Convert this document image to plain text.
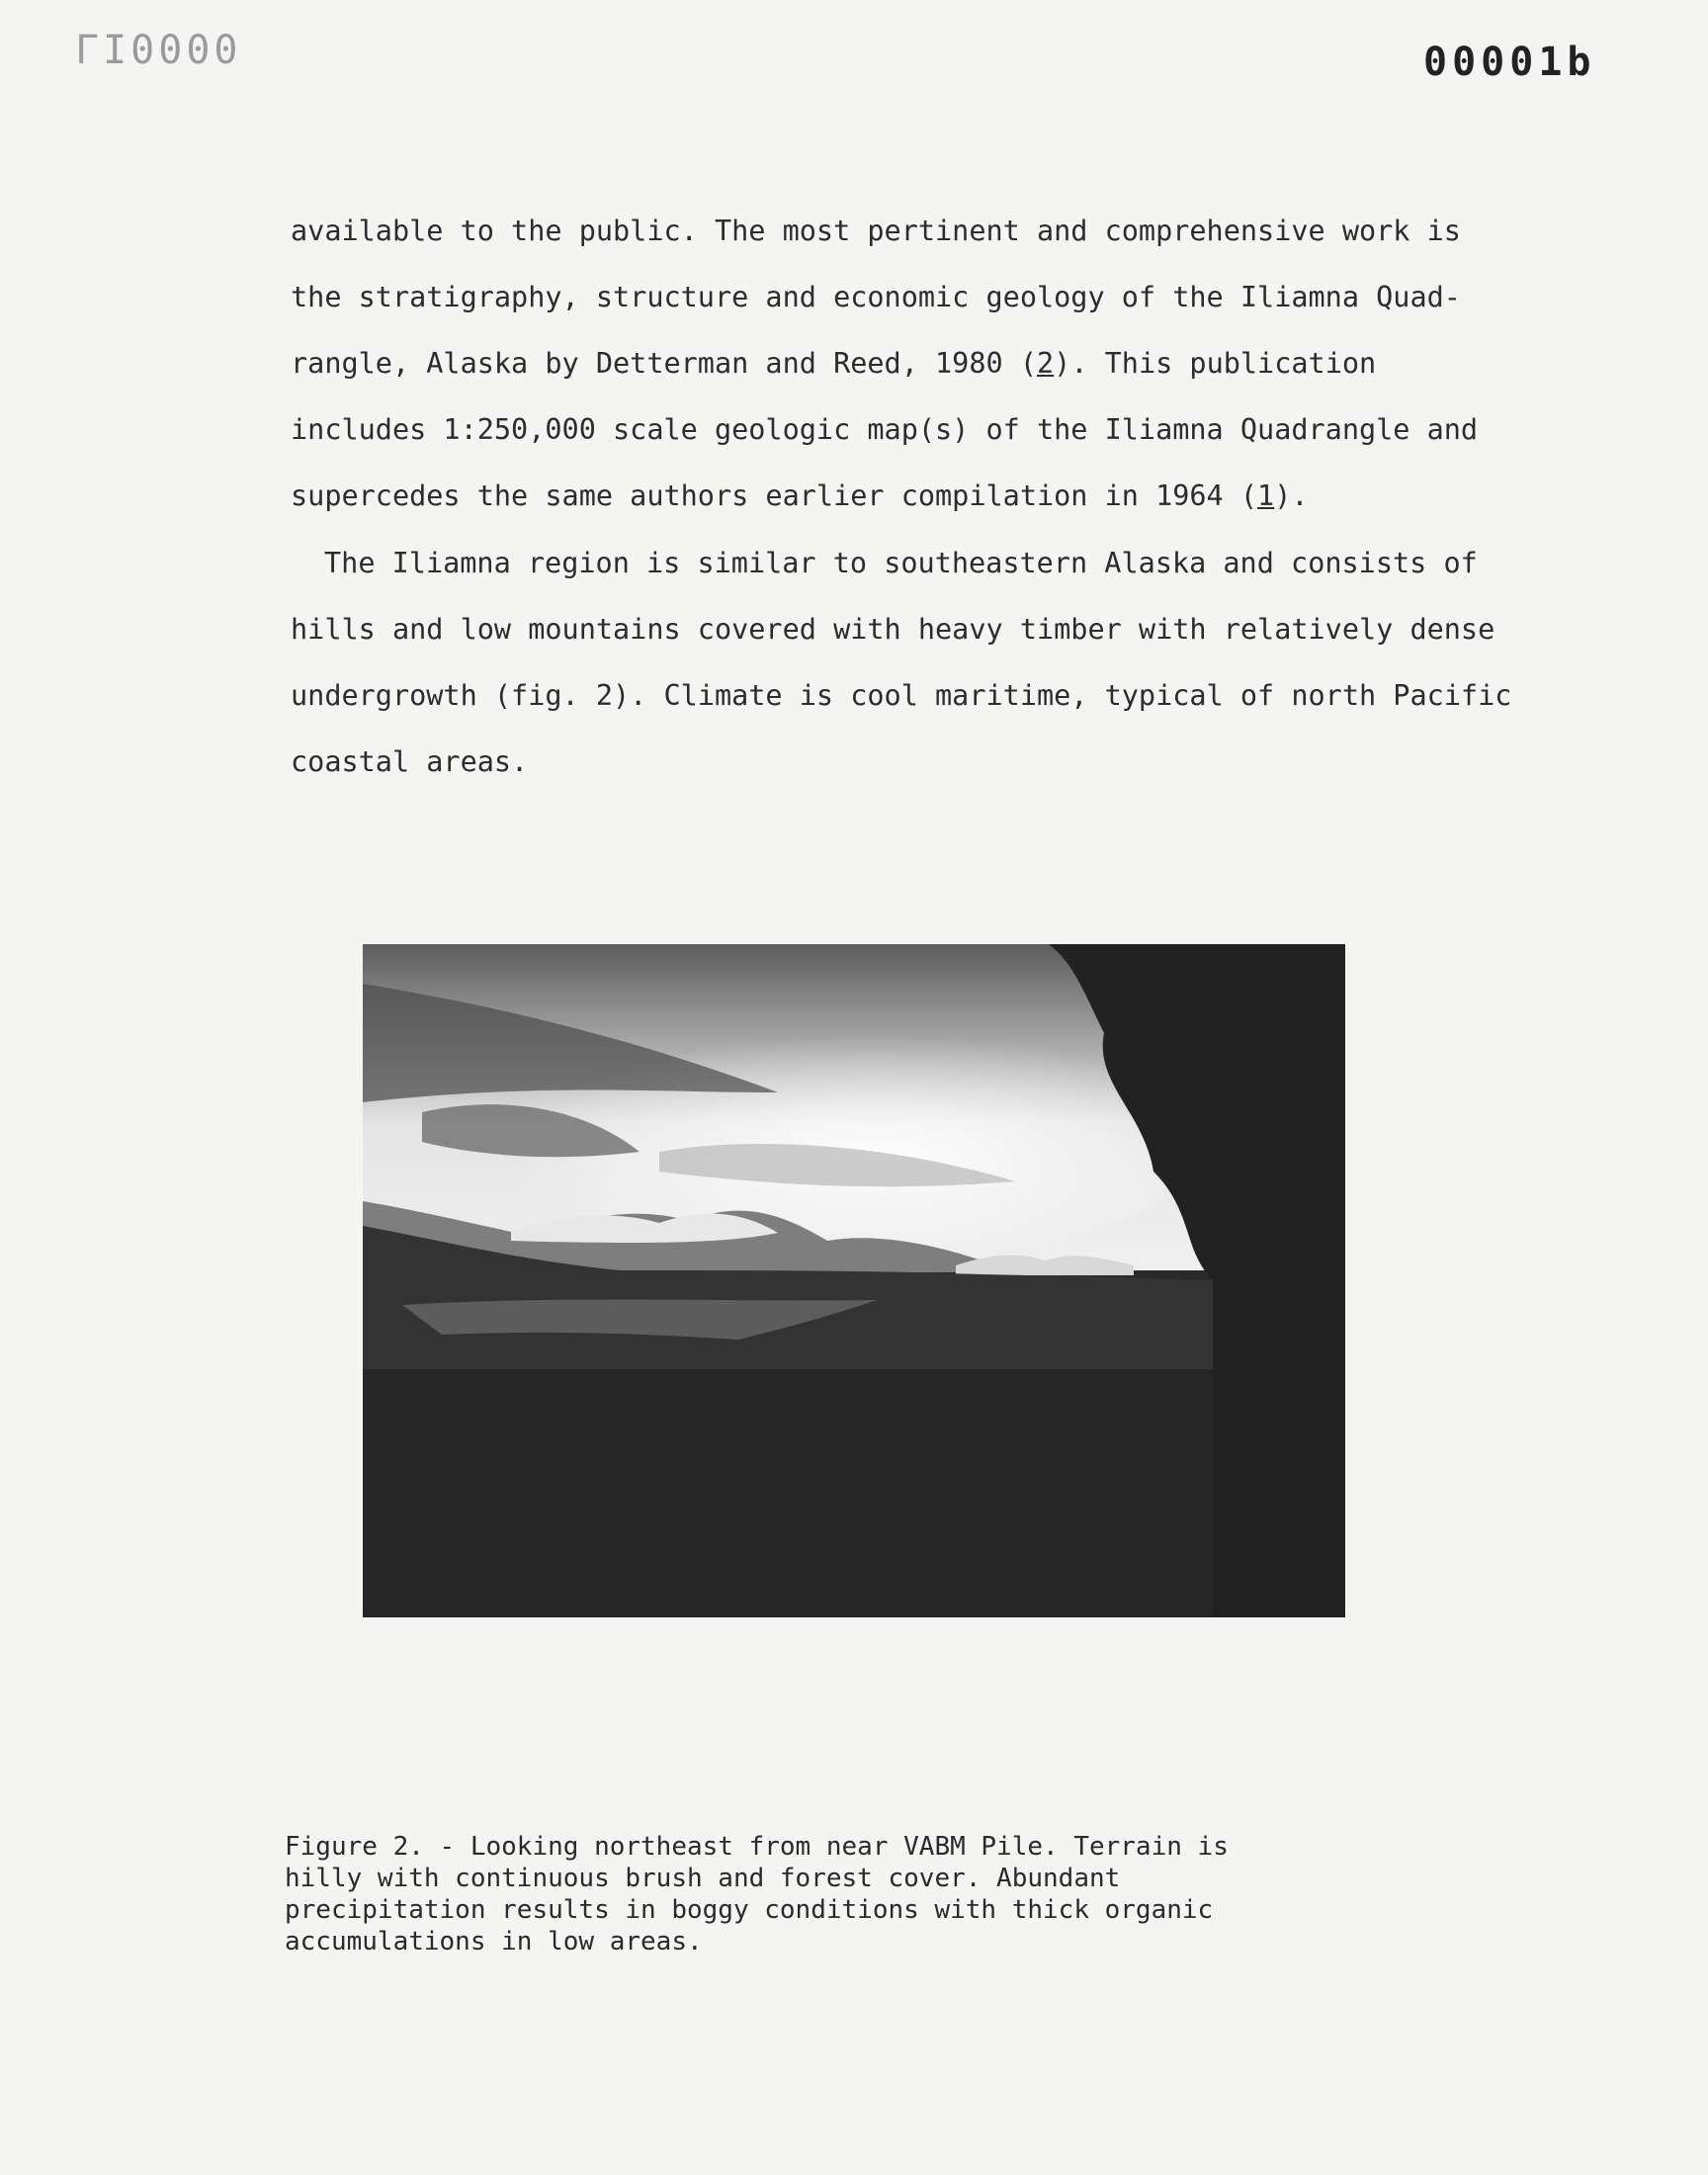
ΓΙ0000	00001b
available to the public. The most pertinent and comprehensive work is
the stratigraphy, structure and economic geology of the Iliamna Quad-
rangle, Alaska by Detterman and Reed, 1980 (2). This publication
includes 1:250,000 scale geologic map(s) of the Iliamna Quadrangle and
supercedes the same authors earlier compilation in 1964 (1).
The Iliamna region is similar to southeastern Alaska and consists of
hills and low mountains covered with heavy timber with relatively dense
undergrowth (fig. 2). Climate is cool maritime, typical of north Pacific
coastal areas.
Figure 2. - Looking northeast from near VABM Pile. Terrain is
hilly with continuous brush and forest cover. Abundant
precipitation results in boggy conditions with thick organic
accumulations in low areas.
